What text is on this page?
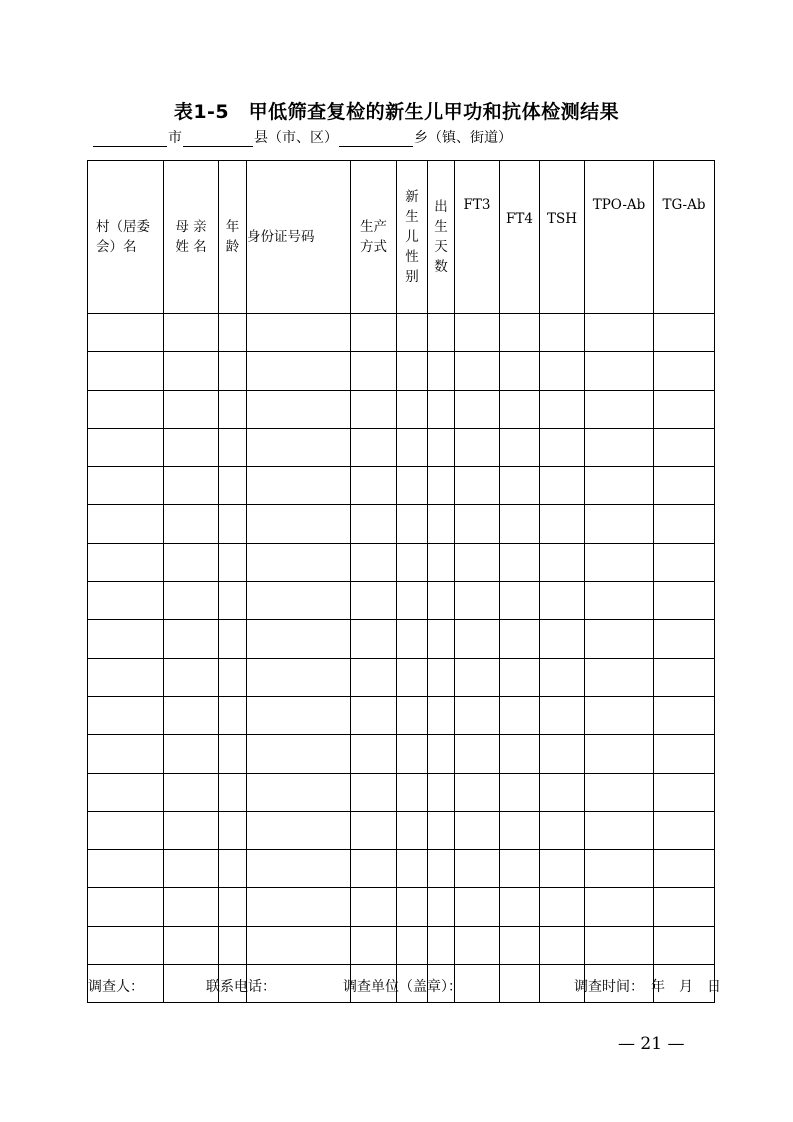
表1-5　甲低筛查复检的新生儿甲功和抗体检测结果
市	县（市、区）	乡（镇、街道）
村（居委会）名	母 亲 姓 名	年龄	身份证号码	生产方式	新生儿性别	出生天数	FT3	FT4	TSH	TPO-Ab	TG-Ab

调查人：	联系电话：	调查单位（盖章）：	调查时间：　年　月　日
— 21 —
